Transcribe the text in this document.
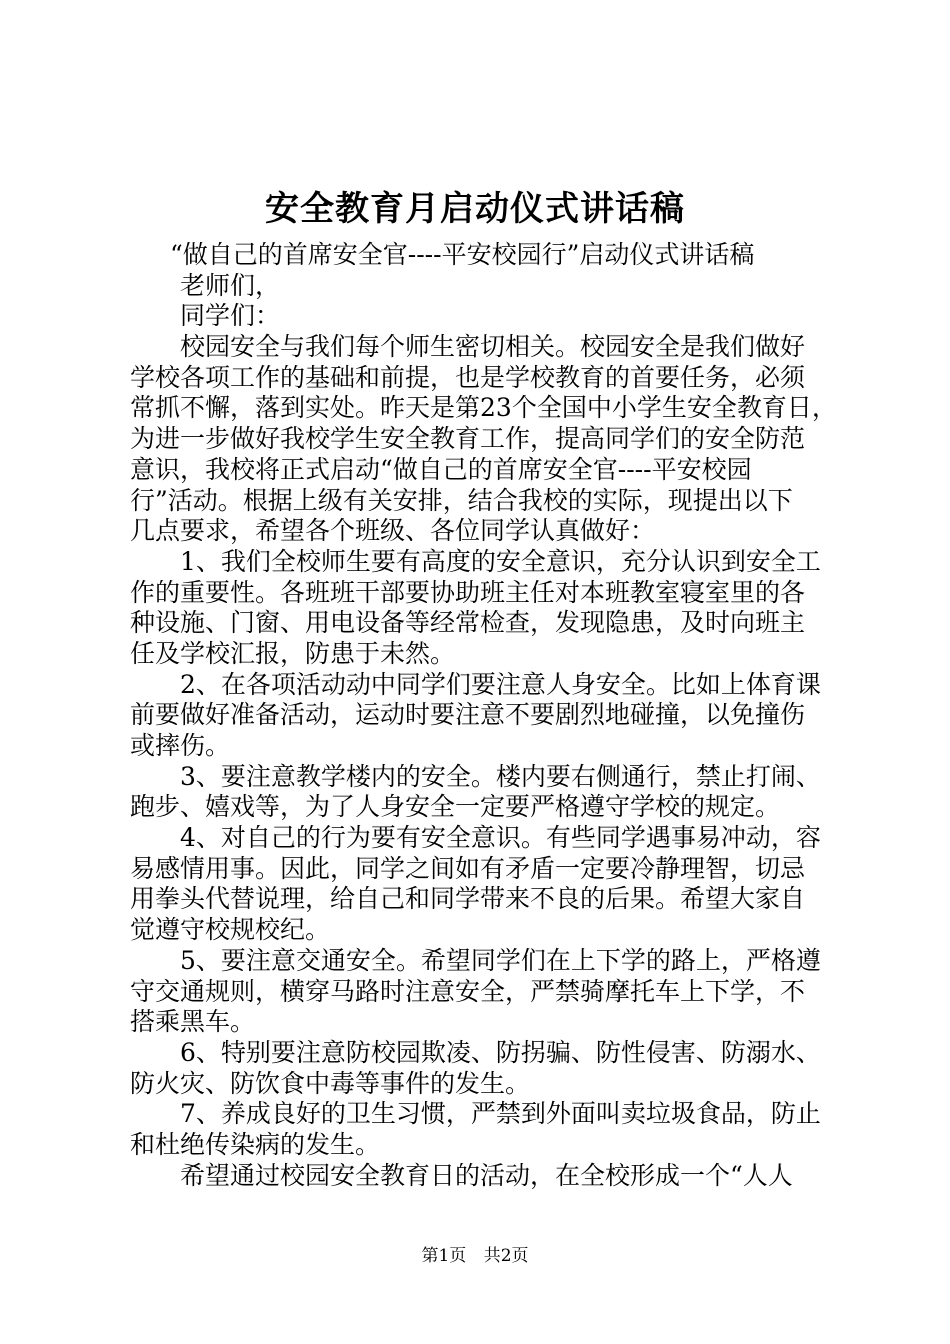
安全教育月启动仪式讲话稿
“做自己的首席安全官----平安校园行”启动仪式讲话稿
老师们，
同学们：
校园安全与我们每个师生密切相关。校园安全是我们做好
学校各项工作的基础和前提，也是学校教育的首要任务，必须
常抓不懈，落到实处。昨天是第23个全国中小学生安全教育日，
为进一步做好我校学生安全教育工作，提高同学们的安全防范
意识，我校将正式启动“做自己的首席安全官----平安校园
行”活动。根据上级有关安排，结合我校的实际，现提出以下
几点要求，希望各个班级、各位同学认真做好：
1、我们全校师生要有高度的安全意识，充分认识到安全工
作的重要性。各班班干部要协助班主任对本班教室寝室里的各
种设施、门窗、用电设备等经常检查，发现隐患，及时向班主
任及学校汇报，防患于未然。
2、在各项活动动中同学们要注意人身安全。比如上体育课
前要做好准备活动，运动时要注意不要剧烈地碰撞，以免撞伤
或摔伤。
3、要注意教学楼内的安全。楼内要右侧通行，禁止打闹、
跑步、嬉戏等，为了人身安全一定要严格遵守学校的规定。
4、对自己的行为要有安全意识。有些同学遇事易冲动，容
易感情用事。因此，同学之间如有矛盾一定要冷静理智，切忌
用拳头代替说理，给自己和同学带来不良的后果。希望大家自
觉遵守校规校纪。
5、要注意交通安全。希望同学们在上下学的路上，严格遵
守交通规则，横穿马路时注意安全，严禁骑摩托车上下学，不
搭乘黑车。
6、特别要注意防校园欺凌、防拐骗、防性侵害、防溺水、
防火灾、防饮食中毒等事件的发生。
7、养成良好的卫生习惯，严禁到外面叫卖垃圾食品，防止
和杜绝传染病的发生。
希望通过校园安全教育日的活动，在全校形成一个“人人
第1页 共2页
